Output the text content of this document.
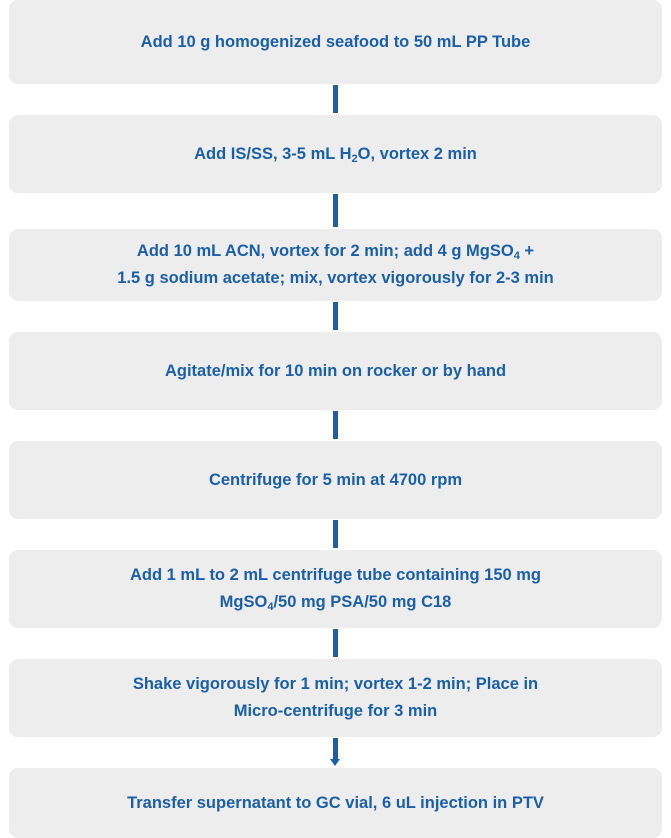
Add 10 g homogenized seafood to 50 mL PP Tube
Add IS/SS, 3-5 mL $H_2O$, vortex 2 min
Add 10 mL ACN, vortex for 2 min; add 4 g MgSO$_4$ +
1.5 g sodium acetate; mix, vortex vigorously for 2-3 min
Agitate/mix for 10 min on rocker or by hand
Centrifuge for 5 min at 4700 rpm
Add 1 mL to 2 mL centrifuge tube containing 150 mg
MgSO$_4$/50 mg PSA/50 mg C18
Shake vigorously for 1 min; vortex 1-2 min; Place in
Micro-centrifuge for 3 min
Transfer supernatant to GC vial, 6 uL injection in PTV
